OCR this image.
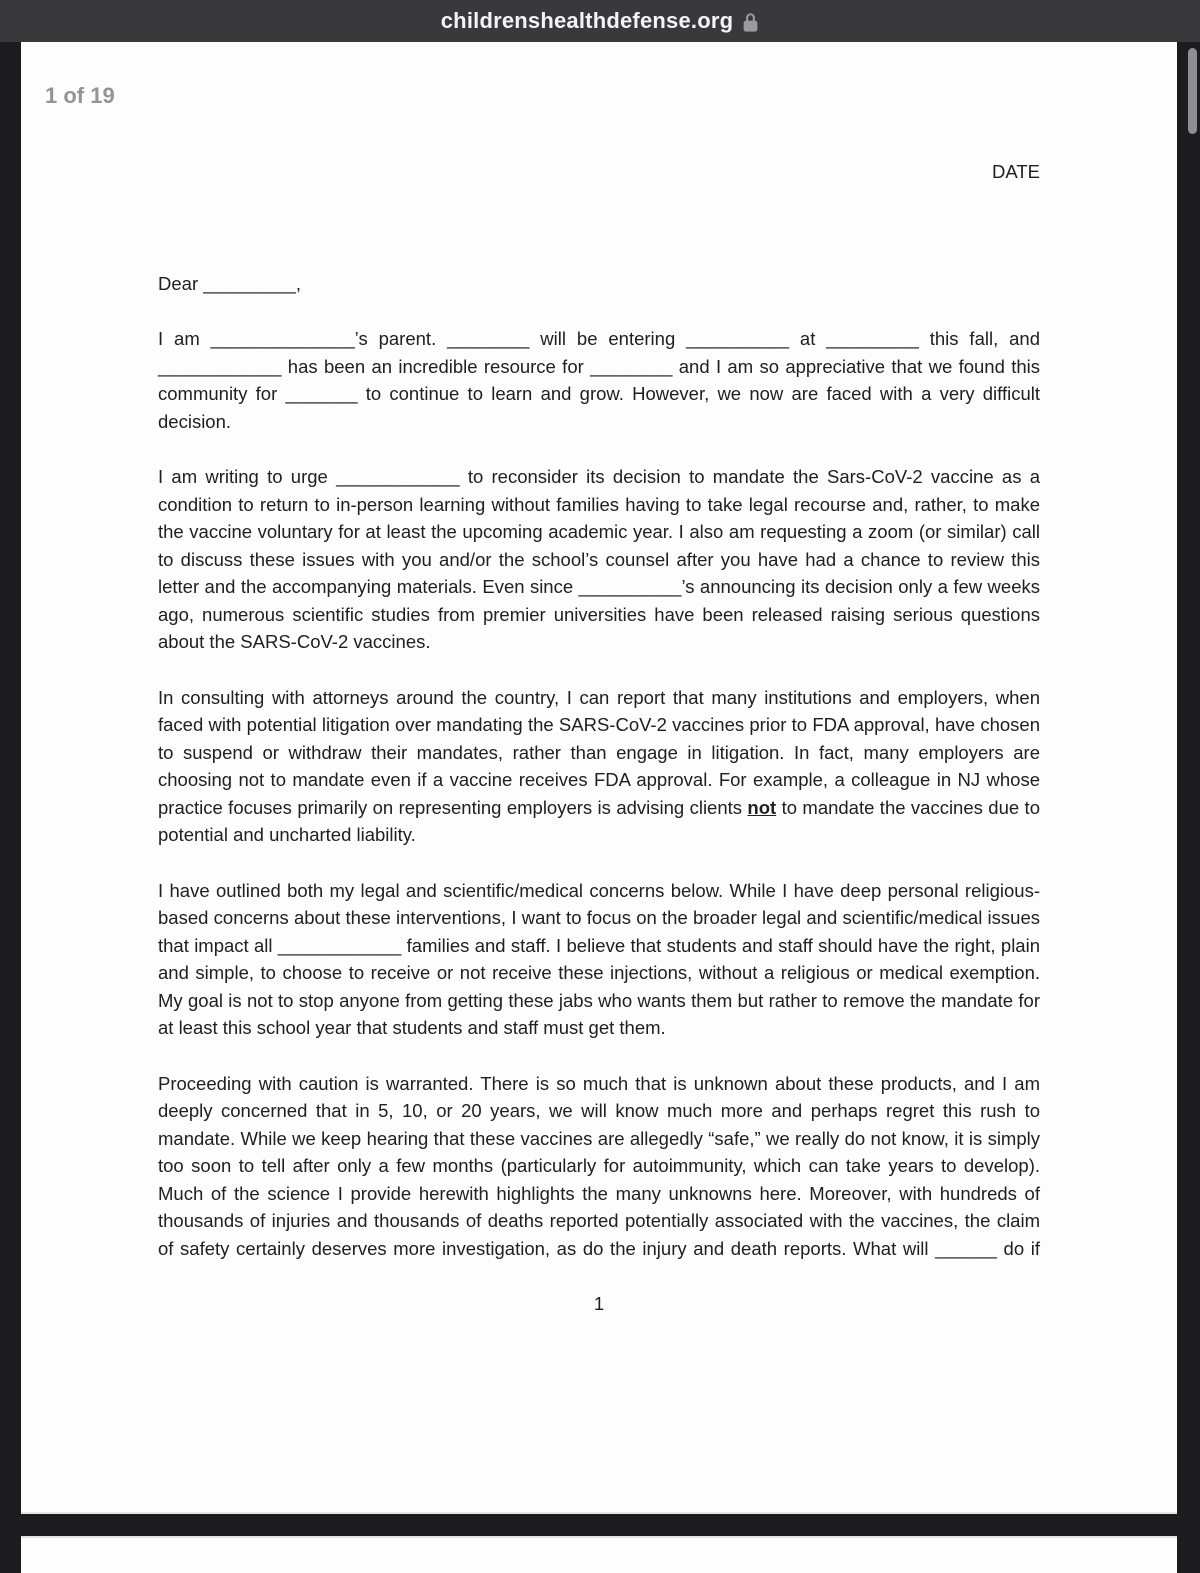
childrenshealthdefense.org
1 of 19

DATE

Dear _________,

I am ______________’s parent. ________ will be entering __________ at _________ this fall, and ____________ has been an incredible resource for ________ and I am so appreciative that we found this community for _______ to continue to learn and grow. However, we now are faced with a very difficult decision.

I am writing to urge ____________ to reconsider its decision to mandate the Sars-CoV-2 vaccine as a condition to return to in-person learning without families having to take legal recourse and, rather, to make the vaccine voluntary for at least the upcoming academic year. I also am requesting a zoom (or similar) call to discuss these issues with you and/or the school’s counsel after you have had a chance to review this letter and the accompanying materials. Even since __________’s announcing its decision only a few weeks ago, numerous scientific studies from premier universities have been released raising serious questions about the SARS-CoV-2 vaccines.

In consulting with attorneys around the country, I can report that many institutions and employers, when faced with potential litigation over mandating the SARS-CoV-2 vaccines prior to FDA approval, have chosen to suspend or withdraw their mandates, rather than engage in litigation. In fact, many employers are choosing not to mandate even if a vaccine receives FDA approval. For example, a colleague in NJ whose practice focuses primarily on representing employers is advising clients not to mandate the vaccines due to potential and uncharted liability.

I have outlined both my legal and scientific/medical concerns below. While I have deep personal religious-based concerns about these interventions, I want to focus on the broader legal and scientific/medical issues that impact all ____________ families and staff. I believe that students and staff should have the right, plain and simple, to choose to receive or not receive these injections, without a religious or medical exemption. My goal is not to stop anyone from getting these jabs who wants them but rather to remove the mandate for at least this school year that students and staff must get them.

Proceeding with caution is warranted. There is so much that is unknown about these products, and I am deeply concerned that in 5, 10, or 20 years, we will know much more and perhaps regret this rush to mandate. While we keep hearing that these vaccines are allegedly “safe,” we really do not know, it is simply too soon to tell after only a few months (particularly for autoimmunity, which can take years to develop). Much of the science I provide herewith highlights the many unknowns here. Moreover, with hundreds of thousands of injuries and thousands of deaths reported potentially associated with the vaccines, the claim of safety certainly deserves more investigation, as do the injury and death reports. What will ______ do if

1
